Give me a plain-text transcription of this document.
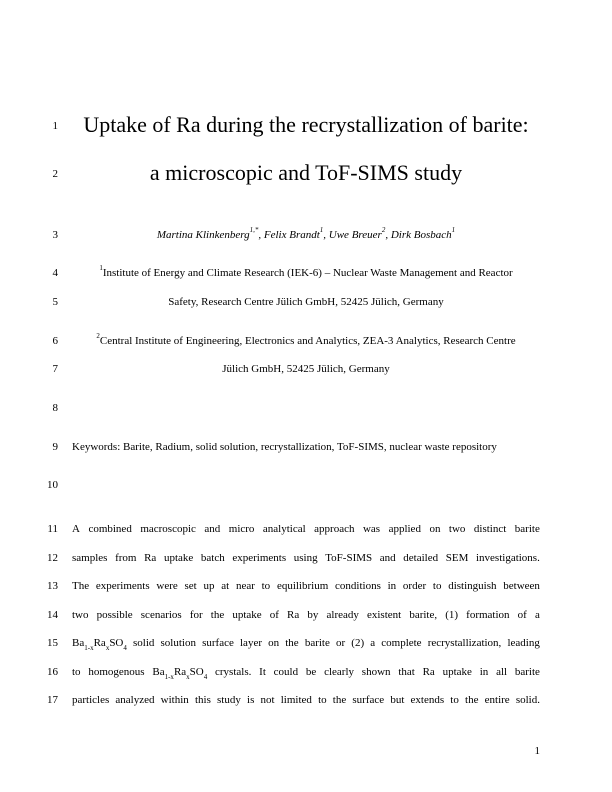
1
2
3
4
5
6
7
8
9
10
11
12
13
14
15
16
17
Uptake of Ra during the recrystallization of barite:
a microscopic and ToF-SIMS study
Martina Klinkenberg$^{1,*}$, Felix Brandt$^1$, Uwe Breuer$^2$, Dirk Bosbach$^1$
$^1$Institute of Energy and Climate Research (IEK-6) – Nuclear Waste Management and Reactor
Safety, Research Centre Jülich GmbH, 52425 Jülich, Germany
$^2$Central Institute of Engineering, Electronics and Analytics, ZEA-3 Analytics, Research Centre
Jülich GmbH, 52425 Jülich, Germany
Keywords: Barite, Radium, solid solution, recrystallization, ToF-SIMS, nuclear waste repository
A combined macroscopic and micro analytical approach was applied on two distinct barite
samples from Ra uptake batch experiments using ToF-SIMS and detailed SEM investigations.
The experiments were set up at near to equilibrium conditions in order to distinguish between
two possible scenarios for the uptake of Ra by already existent barite, (1) formation of a
$Ba_{1-x}Ra_xSO_4$ solid solution surface layer on the barite or (2) a complete recrystallization, leading
to homogenous $Ba_{1-x}Ra_xSO_4$ crystals. It could be clearly shown that Ra uptake in all barite
particles analyzed within this study is not limited to the surface but extends to the entire solid.
1
